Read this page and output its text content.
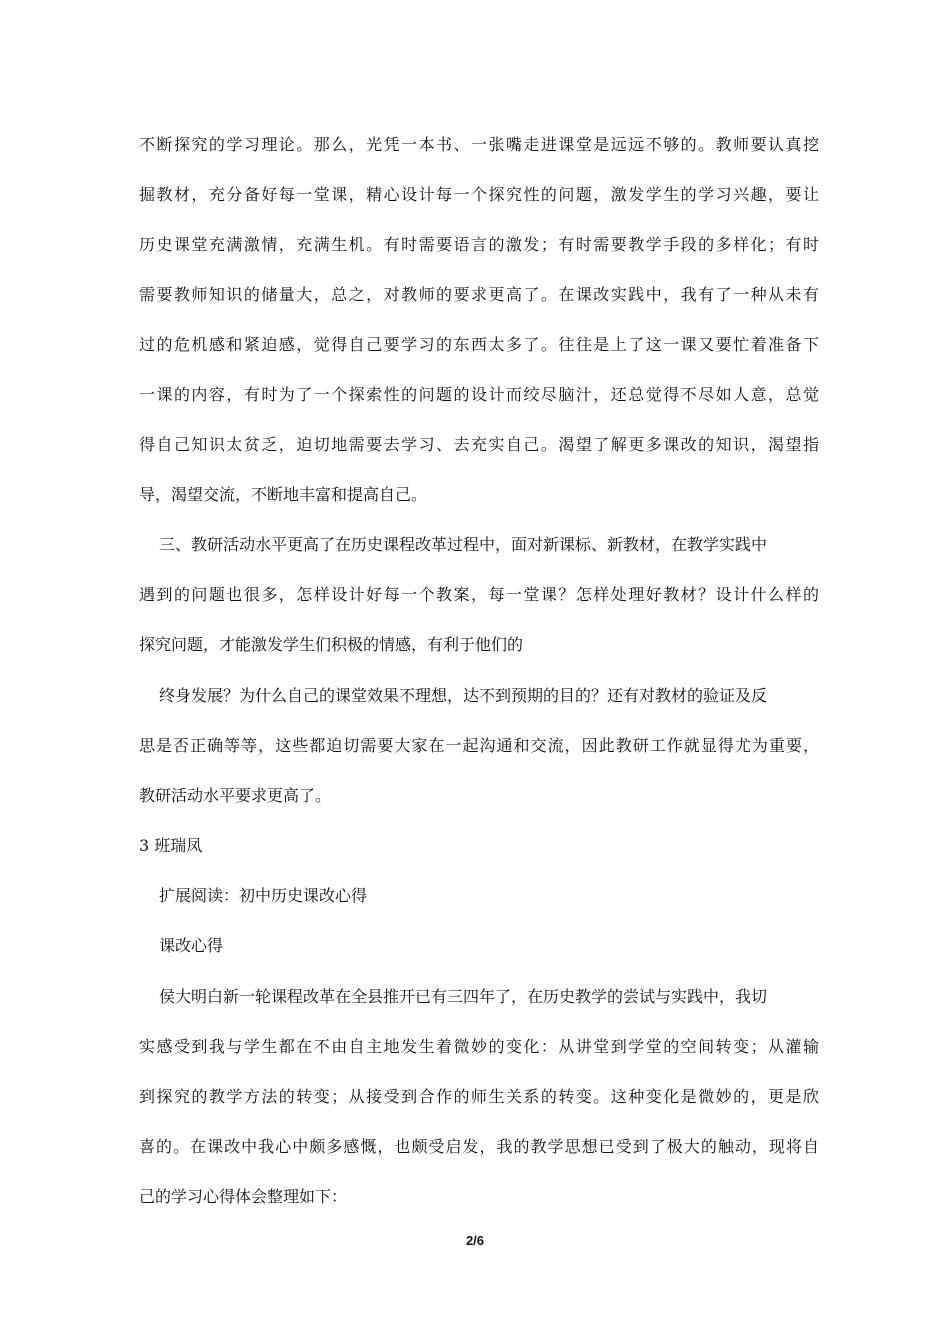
不断探究的学习理论。那么，光凭一本书、一张嘴走进课堂是远远不够的。教师要认真挖
掘教材，充分备好每一堂课，精心设计每一个探究性的问题，激发学生的学习兴趣，要让
历史课堂充满激情，充满生机。有时需要语言的激发；有时需要教学手段的多样化；有时
需要教师知识的储量大，总之，对教师的要求更高了。在课改实践中，我有了一种从未有
过的危机感和紧迫感，觉得自己要学习的东西太多了。往往是上了这一课又要忙着准备下
一课的内容，有时为了一个探索性的问题的设计而绞尽脑汁，还总觉得不尽如人意，总觉
得自己知识太贫乏，迫切地需要去学习、去充实自己。渴望了解更多课改的知识，渴望指
导，渴望交流，不断地丰富和提高自己。
三、教研活动水平更高了在历史课程改革过程中，面对新课标、新教材，在教学实践中
遇到的问题也很多，怎样设计好每一个教案，每一堂课？怎样处理好教材？设计什么样的
探究问题，才能激发学生们积极的情感，有利于他们的
终身发展？为什么自己的课堂效果不理想，达不到预期的目的？还有对教材的验证及反
思是否正确等等，这些都迫切需要大家在一起沟通和交流，因此教研工作就显得尤为重要，
教研活动水平要求更高了。
3 班瑞凤
扩展阅读：初中历史课改心得
课改心得
侯大明白新一轮课程改革在全县推开已有三四年了，在历史教学的尝试与实践中，我切
实感受到我与学生都在不由自主地发生着微妙的变化：从讲堂到学堂的空间转变；从灌输
到探究的教学方法的转变；从接受到合作的师生关系的转变。这种变化是微妙的，更是欣
喜的。在课改中我心中颇多感慨，也颇受启发，我的教学思想已受到了极大的触动，现将自
己的学习心得体会整理如下：
2/6
